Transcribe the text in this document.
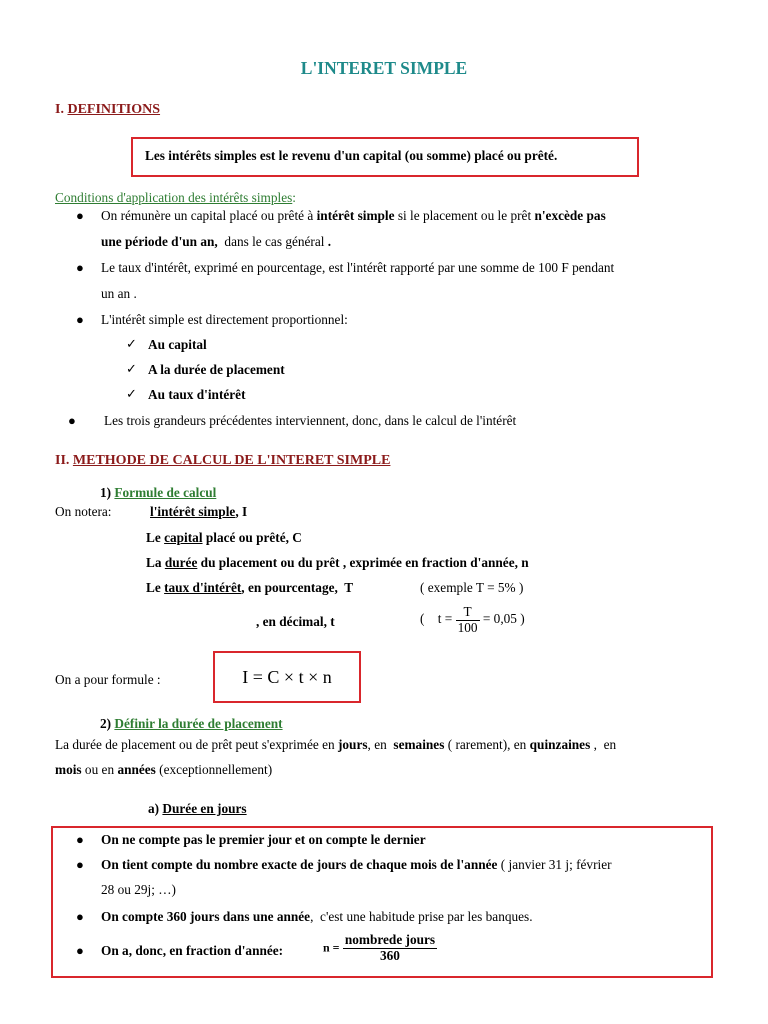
L'INTERET SIMPLE
I. DEFINITIONS
Les intérêts simples est le revenu d'un capital (ou somme) placé ou prêté.
Conditions d'application des intérêts simples:
● On rémunère un capital placé ou prêté à intérêt simple si le placement ou le prêt n'excède pas
une période d'un an,  dans le cas général .
● Le taux d'intérêt, exprimé en pourcentage, est l'intérêt rapporté par une somme de 100 F pendant
un an .
● L'intérêt simple est directement proportionnel:
✓ Au capital
✓ A la durée de placement
✓ Au taux d'intérêt
● Les trois grandeurs précédentes interviennent, donc, dans le calcul de l'intérêt
II. METHODE DE CALCUL DE L'INTERET SIMPLE
1) Formule de calcul
On notera:	l'intérêt simple, I
Le capital placé ou prêté, C
La durée du placement ou du prêt , exprimée en fraction d'année, n
Le taux d'intérêt, en pourcentage,  T	( exemple T = 5% )
, en décimal, t	(    $t = \frac{T}{100} = 0,05$ )
On a pour formule :	I = C × t × n
2) Définir la durée de placement
La durée de placement ou de prêt peut s'exprimée en jours, en  semaines ( rarement), en quinzaines ,  en
mois ou en années (exceptionnellement)
a) Durée en jours
● On ne compte pas le premier jour et on compte le dernier
● On tient compte du nombre exacte de jours de chaque mois de l'année ( janvier 31 j; février
28 ou 29j; …)
● On compte 360 jours dans une année,  c'est une habitude prise par les banques.
● On a, donc, en fraction d'année:	$n = \frac{\text{nombrede jours}}{360}$
